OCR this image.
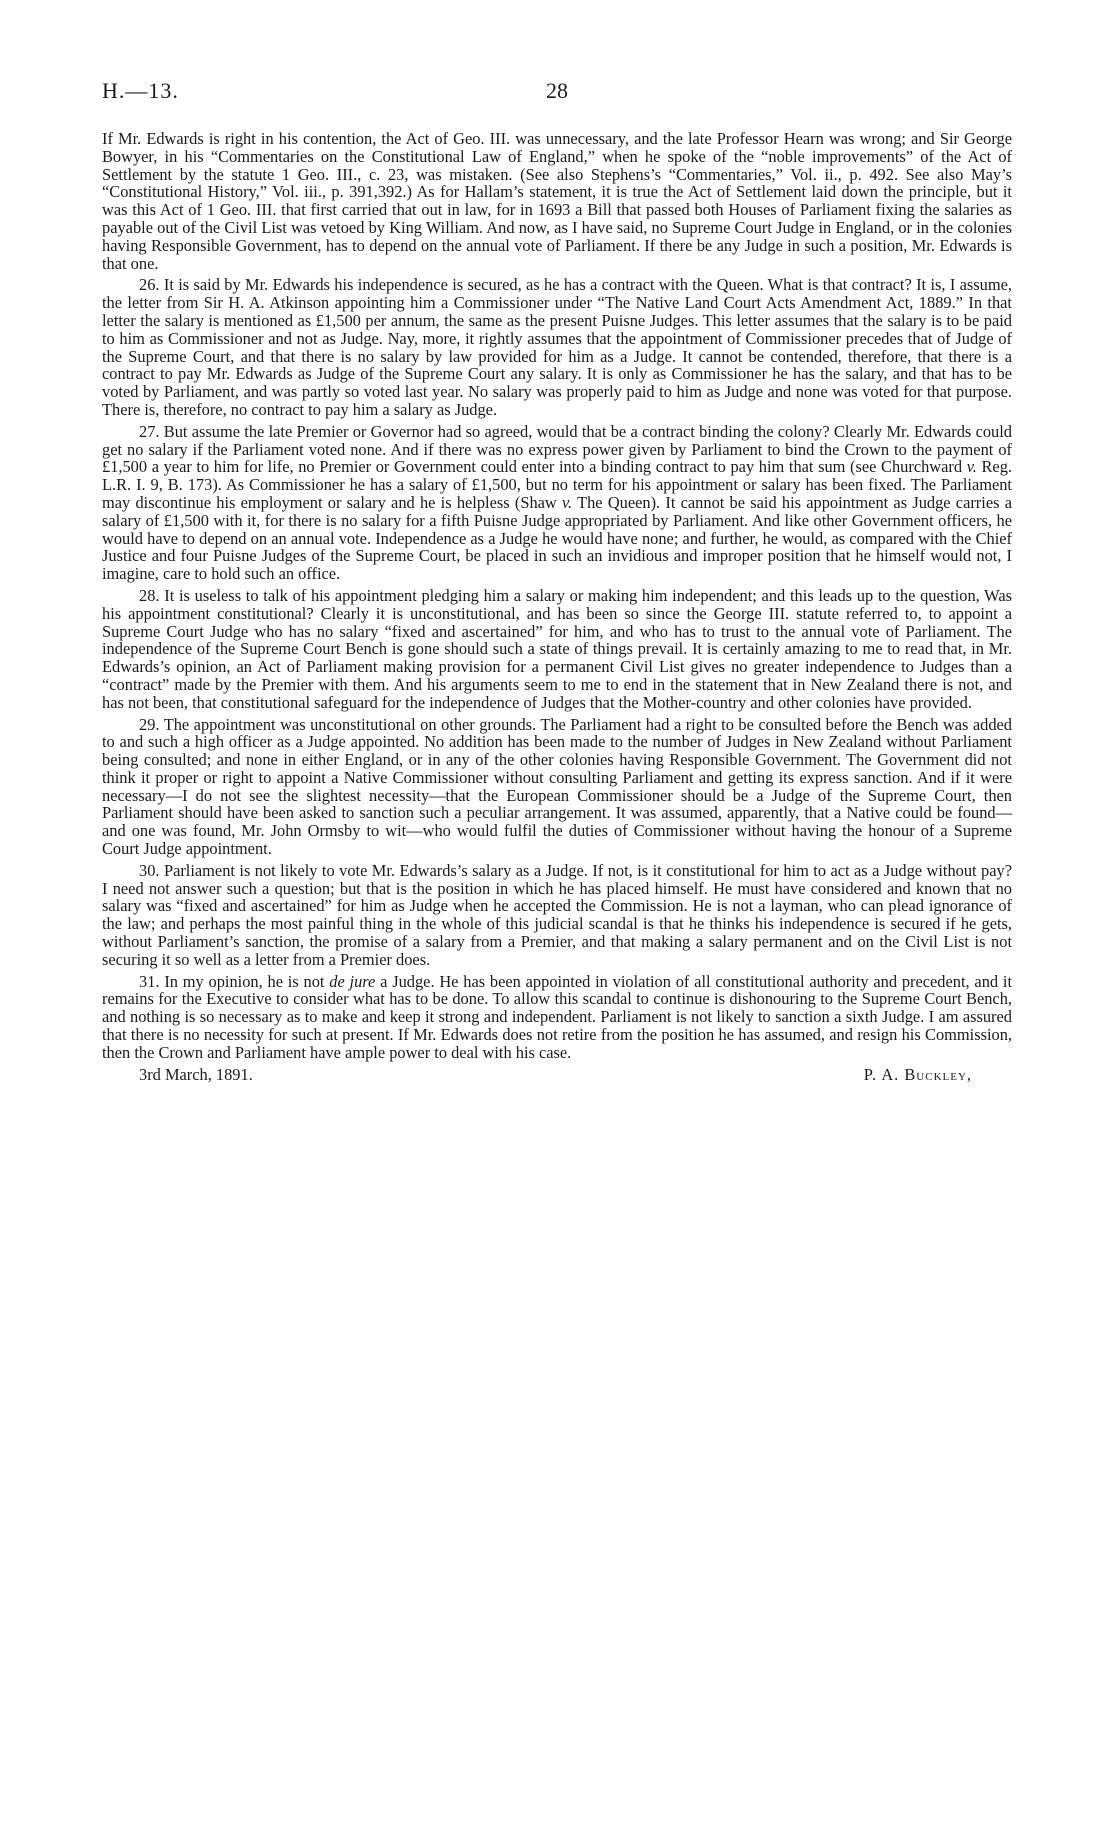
H.—13.	28

If Mr. Edwards is right in his contention, the Act of Geo. III. was unnecessary, and the late Professor Hearn was wrong; and Sir George Bowyer, in his “Commentaries on the Constitutional Law of England,” when he spoke of the “noble improvements” of the Act of Settlement by the statute 1 Geo. III., c. 23, was mistaken. (See also Stephens’s “Commentaries,” Vol. ii., p. 492. See also May’s “Constitutional History,” Vol. iii., p. 391,392.) As for Hallam’s statement, it is true the Act of Settlement laid down the principle, but it was this Act of 1 Geo. III. that first carried that out in law, for in 1693 a Bill that passed both Houses of Parliament fixing the salaries as payable out of the Civil List was vetoed by King William. And now, as I have said, no Supreme Court Judge in England, or in the colonies having Responsible Government, has to depend on the annual vote of Parliament. If there be any Judge in such a position, Mr. Edwards is that one.

26. It is said by Mr. Edwards his independence is secured, as he has a contract with the Queen. What is that contract? It is, I assume, the letter from Sir H. A. Atkinson appointing him a Commissioner under “The Native Land Court Acts Amendment Act, 1889.” In that letter the salary is mentioned as £1,500 per annum, the same as the present Puisne Judges. This letter assumes that the salary is to be paid to him as Commissioner and not as Judge. Nay, more, it rightly assumes that the appointment of Commissioner precedes that of Judge of the Supreme Court, and that there is no salary by law provided for him as a Judge. It cannot be contended, therefore, that there is a contract to pay Mr. Edwards as Judge of the Supreme Court any salary. It is only as Commissioner he has the salary, and that has to be voted by Parliament, and was partly so voted last year. No salary was properly paid to him as Judge and none was voted for that purpose. There is, therefore, no contract to pay him a salary as Judge.

27. But assume the late Premier or Governor had so agreed, would that be a contract binding the colony? Clearly Mr. Edwards could get no salary if the Parliament voted none. And if there was no express power given by Parliament to bind the Crown to the payment of £1,500 a year to him for life, no Premier or Government could enter into a binding contract to pay him that sum (see Churchward v. Reg. L.R. I. 9, B. 173). As Commissioner he has a salary of £1,500, but no term for his appointment or salary has been fixed. The Parliament may discontinue his employment or salary and he is helpless (Shaw v. The Queen). It cannot be said his appointment as Judge carries a salary of £1,500 with it, for there is no salary for a fifth Puisne Judge appropriated by Parliament. And like other Government officers, he would have to depend on an annual vote. Independence as a Judge he would have none; and further, he would, as compared with the Chief Justice and four Puisne Judges of the Supreme Court, be placed in such an invidious and improper position that he himself would not, I imagine, care to hold such an office.

28. It is useless to talk of his appointment pledging him a salary or making him independent; and this leads up to the question, Was his appointment constitutional? Clearly it is unconstitutional, and has been so since the George III. statute referred to, to appoint a Supreme Court Judge who has no salary “fixed and ascertained” for him, and who has to trust to the annual vote of Parliament. The independence of the Supreme Court Bench is gone should such a state of things prevail. It is certainly amazing to me to read that, in Mr. Edwards’s opinion, an Act of Parliament making provision for a permanent Civil List gives no greater independence to Judges than a “contract” made by the Premier with them. And his arguments seem to me to end in the statement that in New Zealand there is not, and has not been, that constitutional safeguard for the independence of Judges that the Mother-country and other colonies have provided.

29. The appointment was unconstitutional on other grounds. The Parliament had a right to be consulted before the Bench was added to and such a high officer as a Judge appointed. No addition has been made to the number of Judges in New Zealand without Parliament being consulted; and none in either England, or in any of the other colonies having Responsible Government. The Government did not think it proper or right to appoint a Native Commissioner without consulting Parliament and getting its express sanction. And if it were necessary—I do not see the slightest necessity—that the European Commissioner should be a Judge of the Supreme Court, then Parliament should have been asked to sanction such a peculiar arrangement. It was assumed, apparently, that a Native could be found—and one was found, Mr. John Ormsby to wit—who would fulfil the duties of Commissioner without having the honour of a Supreme Court Judge appointment.

30. Parliament is not likely to vote Mr. Edwards’s salary as a Judge. If not, is it constitutional for him to act as a Judge without pay? I need not answer such a question; but that is the position in which he has placed himself. He must have considered and known that no salary was “fixed and ascertained” for him as Judge when he accepted the Commission. He is not a layman, who can plead ignorance of the law; and perhaps the most painful thing in the whole of this judicial scandal is that he thinks his independence is secured if he gets, without Parliament’s sanction, the promise of a salary from a Premier, and that making a salary permanent and on the Civil List is not securing it so well as a letter from a Premier does.

31. In my opinion, he is not de jure a Judge. He has been appointed in violation of all constitutional authority and precedent, and it remains for the Executive to consider what has to be done. To allow this scandal to continue is dishonouring to the Supreme Court Bench, and nothing is so necessary as to make and keep it strong and independent. Parliament is not likely to sanction a sixth Judge. I am assured that there is no necessity for such at present. If Mr. Edwards does not retire from the position he has assumed, and resign his Commission, then the Crown and Parliament have ample power to deal with his case.

3rd March, 1891.	P. A. Buckley,
